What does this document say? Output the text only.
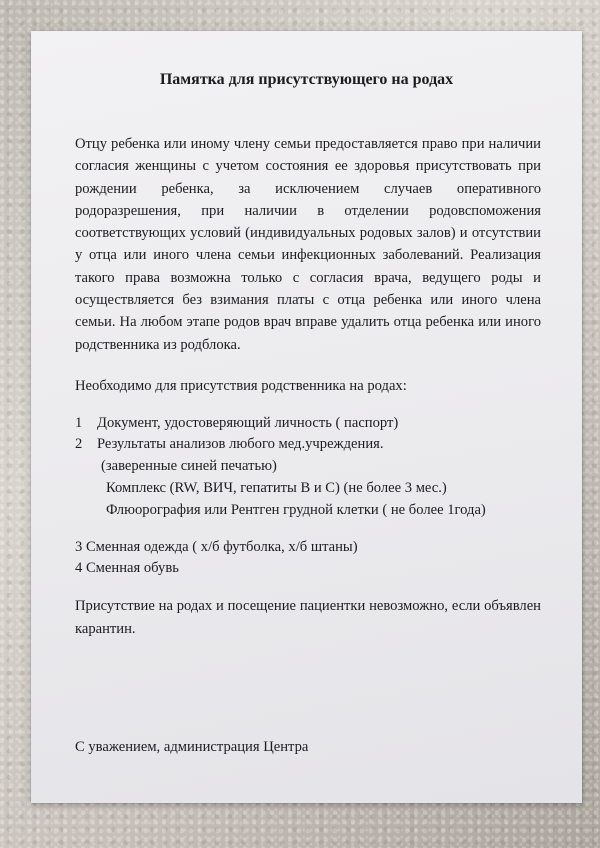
Памятка для присутствующего на родах
Отцу ребенка или иному члену семьи предоставляется право при наличии согласия женщины с учетом состояния ее здоровья присутствовать при рождении ребенка, за исключением случаев оперативного родоразрешения, при наличии в отделении родовспоможения соответствующих условий (индивидуальных родовых залов) и отсутствии у отца или иного члена семьи инфекционных заболеваний. Реализация такого права возможна только с согласия врача, ведущего роды и осуществляется без взимания платы с отца ребенка или иного члена семьи. На любом этапе родов врач вправе удалить отца ребенка или иного родственника из родблока.
Необходимо для присутствия родственника на родах:
1 Документ, удостоверяющий личность ( паспорт)
2 Результаты анализов любого мед.учреждения.
(заверенные синей печатью)
Комплекс (RW, ВИЧ, гепатиты В и С) (не более 3 мес.)
Флюорография или Рентген грудной клетки ( не более 1года)
3 Сменная одежда ( х/б футболка, х/б штаны)
4 Сменная обувь
Присутствие на родах и посещение пациентки невозможно, если объявлен карантин.
С уважением, администрация Центра
